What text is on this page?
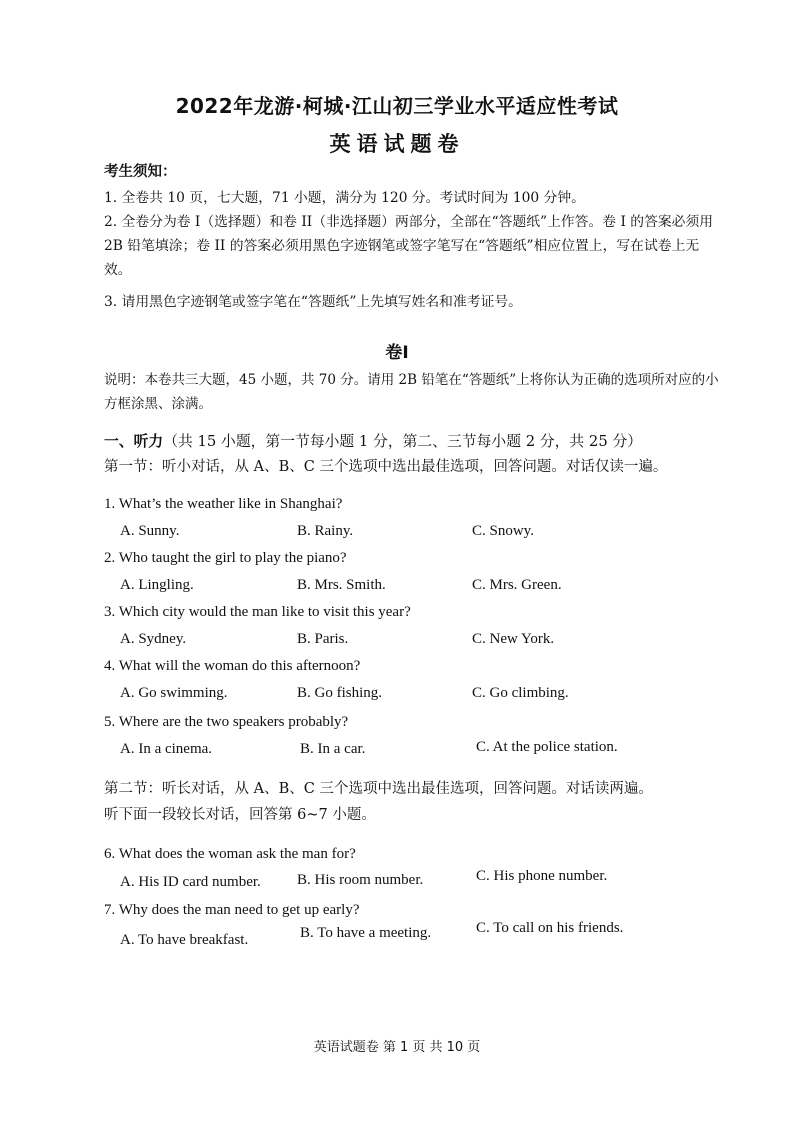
2022年龙游·柯城·江山初三学业水平适应性考试
英语试题卷
考生须知：
1. 全卷共 10 页，七大题，71 小题，满分为 120 分。考试时间为 100 分钟。
2. 全卷分为卷 I（选择题）和卷 II（非选择题）两部分，全部在“答题纸”上作答。卷 I 的答案必须用 2B 铅笔填涂；卷 II 的答案必须用黑色字迹钢笔或签字笔写在“答题纸”相应位置上，写在试卷上无效。
3. 请用黑色字迹钢笔或签字笔在“答题纸”上先填写姓名和准考证号。
卷I
说明：本卷共三大题，45 小题，共 70 分。请用 2B 铅笔在“答题纸”上将你认为正确的选项所对应的小方框涂黑、涂满。
一、听力（共 15 小题，第一节每小题 1 分，第二、三节每小题 2 分，共 25 分）
第一节：听小对话，从 A、B、C 三个选项中选出最佳选项，回答问题。对话仅读一遍。
1. What’s the weather like in Shanghai?
A. Sunny.	B. Rainy.	C. Snowy.
2. Who taught the girl to play the piano?
A. Lingling.	B. Mrs. Smith.	C. Mrs. Green.
3. Which city would the man like to visit this year?
A. Sydney.	B. Paris.	C. New York.
4. What will the woman do this afternoon?
A. Go swimming.	B. Go fishing.	C. Go climbing.
5. Where are the two speakers probably?
A. In a cinema.	B. In a car.	C. At the police station.
第二节：听长对话，从 A、B、C 三个选项中选出最佳选项，回答问题。对话读两遍。
听下面一段较长对话，回答第 6~7 小题。
6. What does the woman ask the man for?
A. His ID card number. B. His room number.	C. His phone number.
7. Why does the man need to get up early?
A. To have breakfast.	B. To have a meeting.	C. To call on his friends.
英语试题卷 第 1 页 共 10 页
